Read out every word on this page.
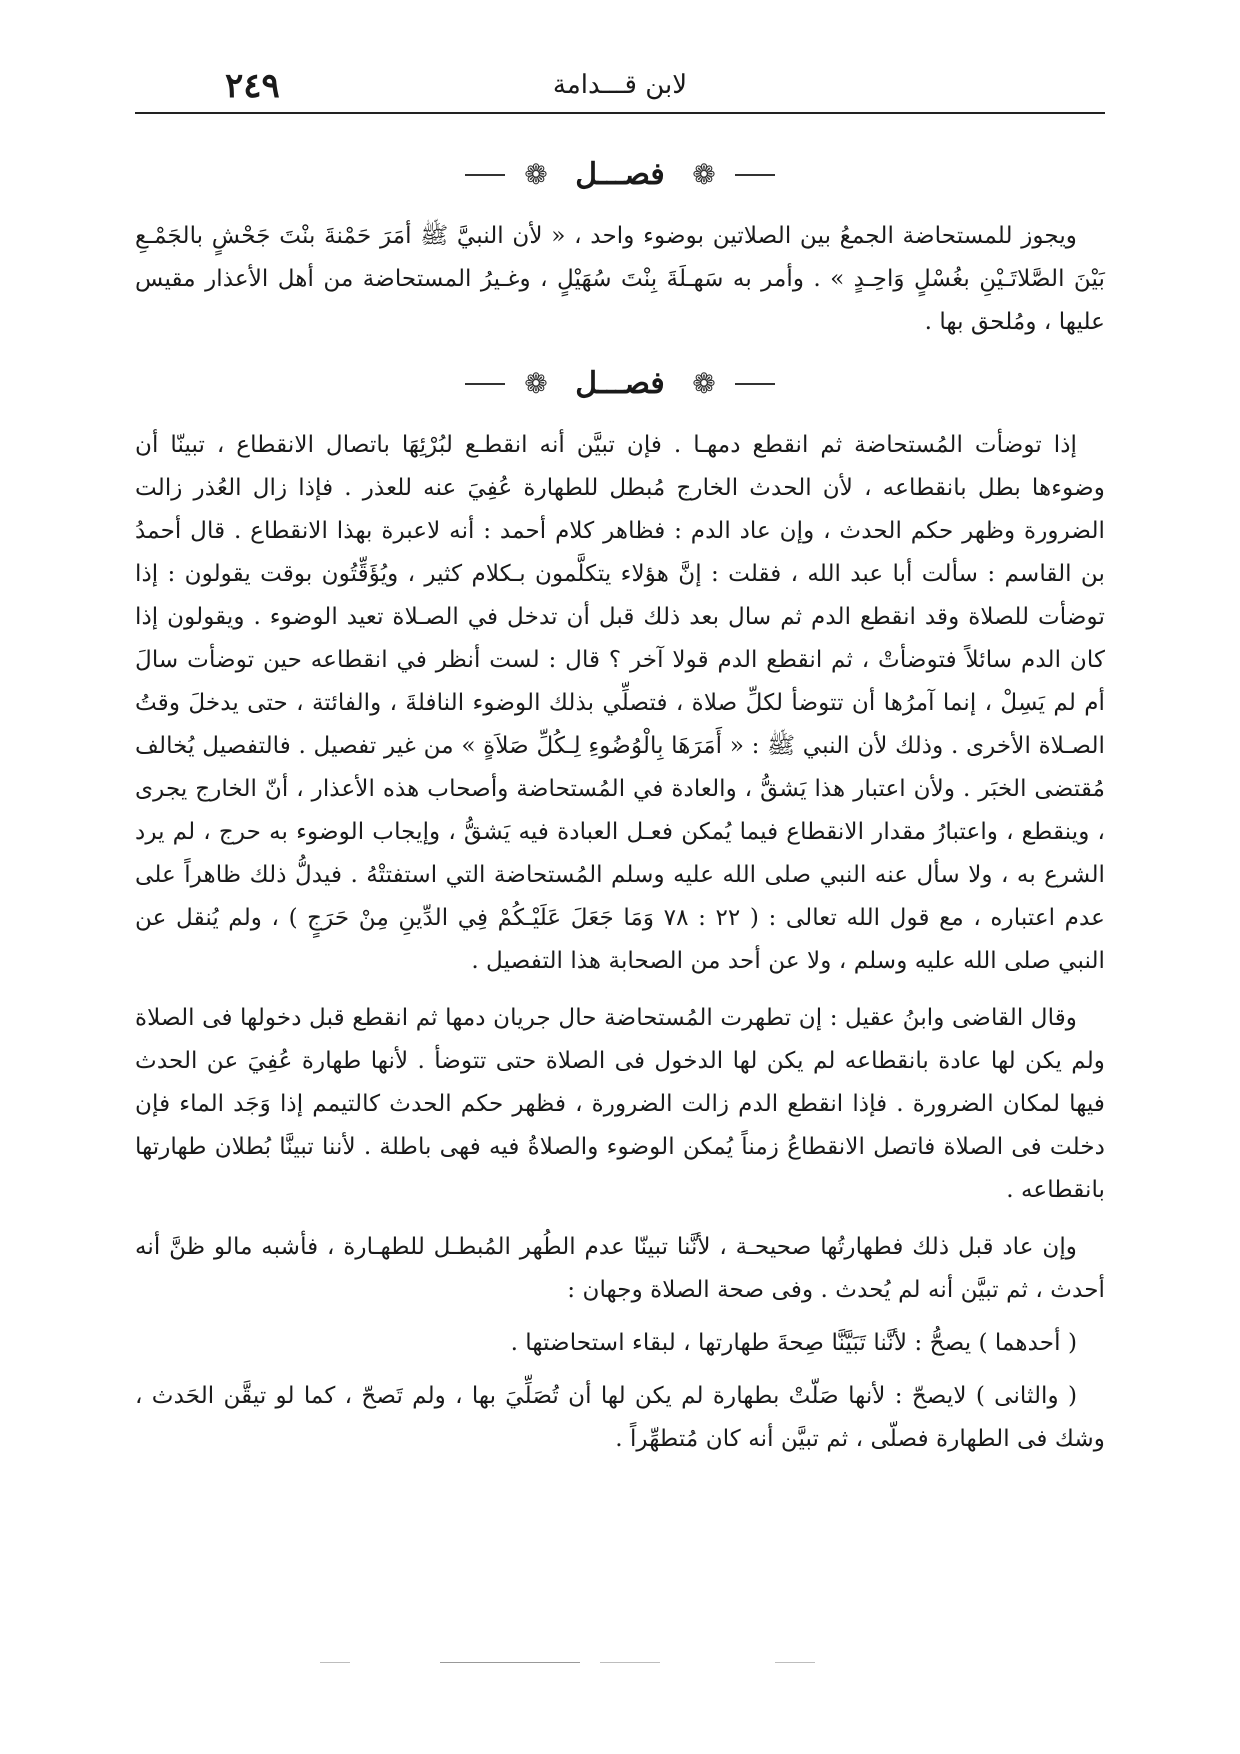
٢٤٩	لابن قـــدامة
❁ فصـــل ❁

ويجوز للمستحاضة الجمعُ بين الصلاتين بوضوء واحد ، « لأن النبيَّ ﷺ أمَرَ حَمْنةَ بنْتَ جَحْشٍ بالجَمْـعِ بَيْنَ الصَّلاتَـيْنِ بغُسْلٍ وَاحِـدٍ » . وأمر به سَهـلَةَ بِنْتَ سُهَيْلٍ ، وغـيرُ المستحاضة من أهل الأعذار مقيس عليها ، ومُلحق بها .

❁ فصـــل ❁

إذا توضأت المُستحاضة ثم انقطع دمهـا . فإن تبيَّن أنه انقطـع لبُرْئِهَا باتصال الانقطاع ، تبينّا أن وضوءها بطل بانقطاعه ، لأن الحدث الخارج مُبطل للطهارة عُفِيَ عنه للعذر . فإذا زال العُذر زالت الضرورة وظهر حكم الحدث ، وإن عاد الدم : فظاهر كلام أحمد : أنه لاعبرة بهذا الانقطاع . قال أحمدُ بن القاسم : سألت أبا عبد الله ، فقلت : إنَّ هؤلاء يتكلَّمون بـكلام كثير ، ويُؤَقِّتُون بوقت يقولون : إذا توضأت للصلاة وقد انقطع الدم ثم سال بعد ذلك قبل أن تدخل في الصـلاة تعيد الوضوء . ويقولون إذا كان الدم سائلاً فتوضأتْ ، ثم انقطع الدم قولا آخر ؟ قال : لست أنظر في انقطاعه حين توضأت سالَ أم لم يَسِلْ ، إنما آمرُها أن تتوضأ لكلِّ صلاة ، فتصلِّي بذلك الوضوء النافلةَ ، والفائتة ، حتى يدخلَ وقتُ الصـلاة الأخرى . وذلك لأن النبي ﷺ : « أَمَرَهَا بِالْوُضُوءِ لِـكُلِّ صَلاَةٍ » من غير تفصيل . فالتفصيل يُخالف مُقتضى الخبَر . ولأن اعتبار هذا يَشقُّ ، والعادة في المُستحاضة وأصحاب هذه الأعذار ، أنّ الخارج يجرى ، وينقطع ، واعتبارُ مقدار الانقطاع فيما يُمكن فعـل العبادة فيه يَشقُّ ، وإيجاب الوضوء به حرج ، لم يرد الشرع به ، ولا سأل عنه النبي صلى الله عليه وسلم المُستحاضة التي استفتتْهُ . فيدلُّ ذلك ظاهراً على عدم اعتباره ، مع قول الله تعالى : ( ٢٢ : ٧٨ وَمَا جَعَلَ عَلَيْـكُمْ فِي الدِّينِ مِنْ حَرَجٍ ) ، ولم يُنقل عن النبي صلى الله عليه وسلم ، ولا عن أحد من الصحابة هذا التفصيل .

وقال القاضى وابنُ عقيل : إن تطهرت المُستحاضة حال جريان دمها ثم انقطع قبل دخولها فى الصلاة ولم يكن لها عادة بانقطاعه لم يكن لها الدخول فى الصلاة حتى تتوضأ . لأنها طهارة عُفِيَ عن الحدث فيها لمكان الضرورة . فإذا انقطع الدم زالت الضرورة ، فظهر حكم الحدث كالتيمم إذا وَجَد الماء فإن دخلت فى الصلاة فاتصل الانقطاعُ زمناً يُمكن الوضوء والصلاةُ فيه فهى باطلة . لأننا تبينَّا بُطلان طهارتها بانقطاعه .

وإن عاد قبل ذلك فطهارتُها صحيحـة ، لأنَّنا تبينّا عدم الطُهر المُبطـل للطهـارة ، فأشبه مالو ظنَّ أنه أحدث ، ثم تبيَّن أنه لم يُحدث . وفى صحة الصلاة وجهان :

( أحدهما ) يصحُّ : لأنَّنا تَبَيَّنَّا صِحةَ طهارتها ، لبقاء استحاضتها .

( والثانى ) لايصحّ : لأنها صَلّتْ بطهارة لم يكن لها أن تُصَلِّيَ بها ، ولم تَصحّ ، كما لو تيقَّن الحَدث ، وشك فى الطهارة فصلّى ، ثم تبيَّن أنه كان مُتطهِّراً .
